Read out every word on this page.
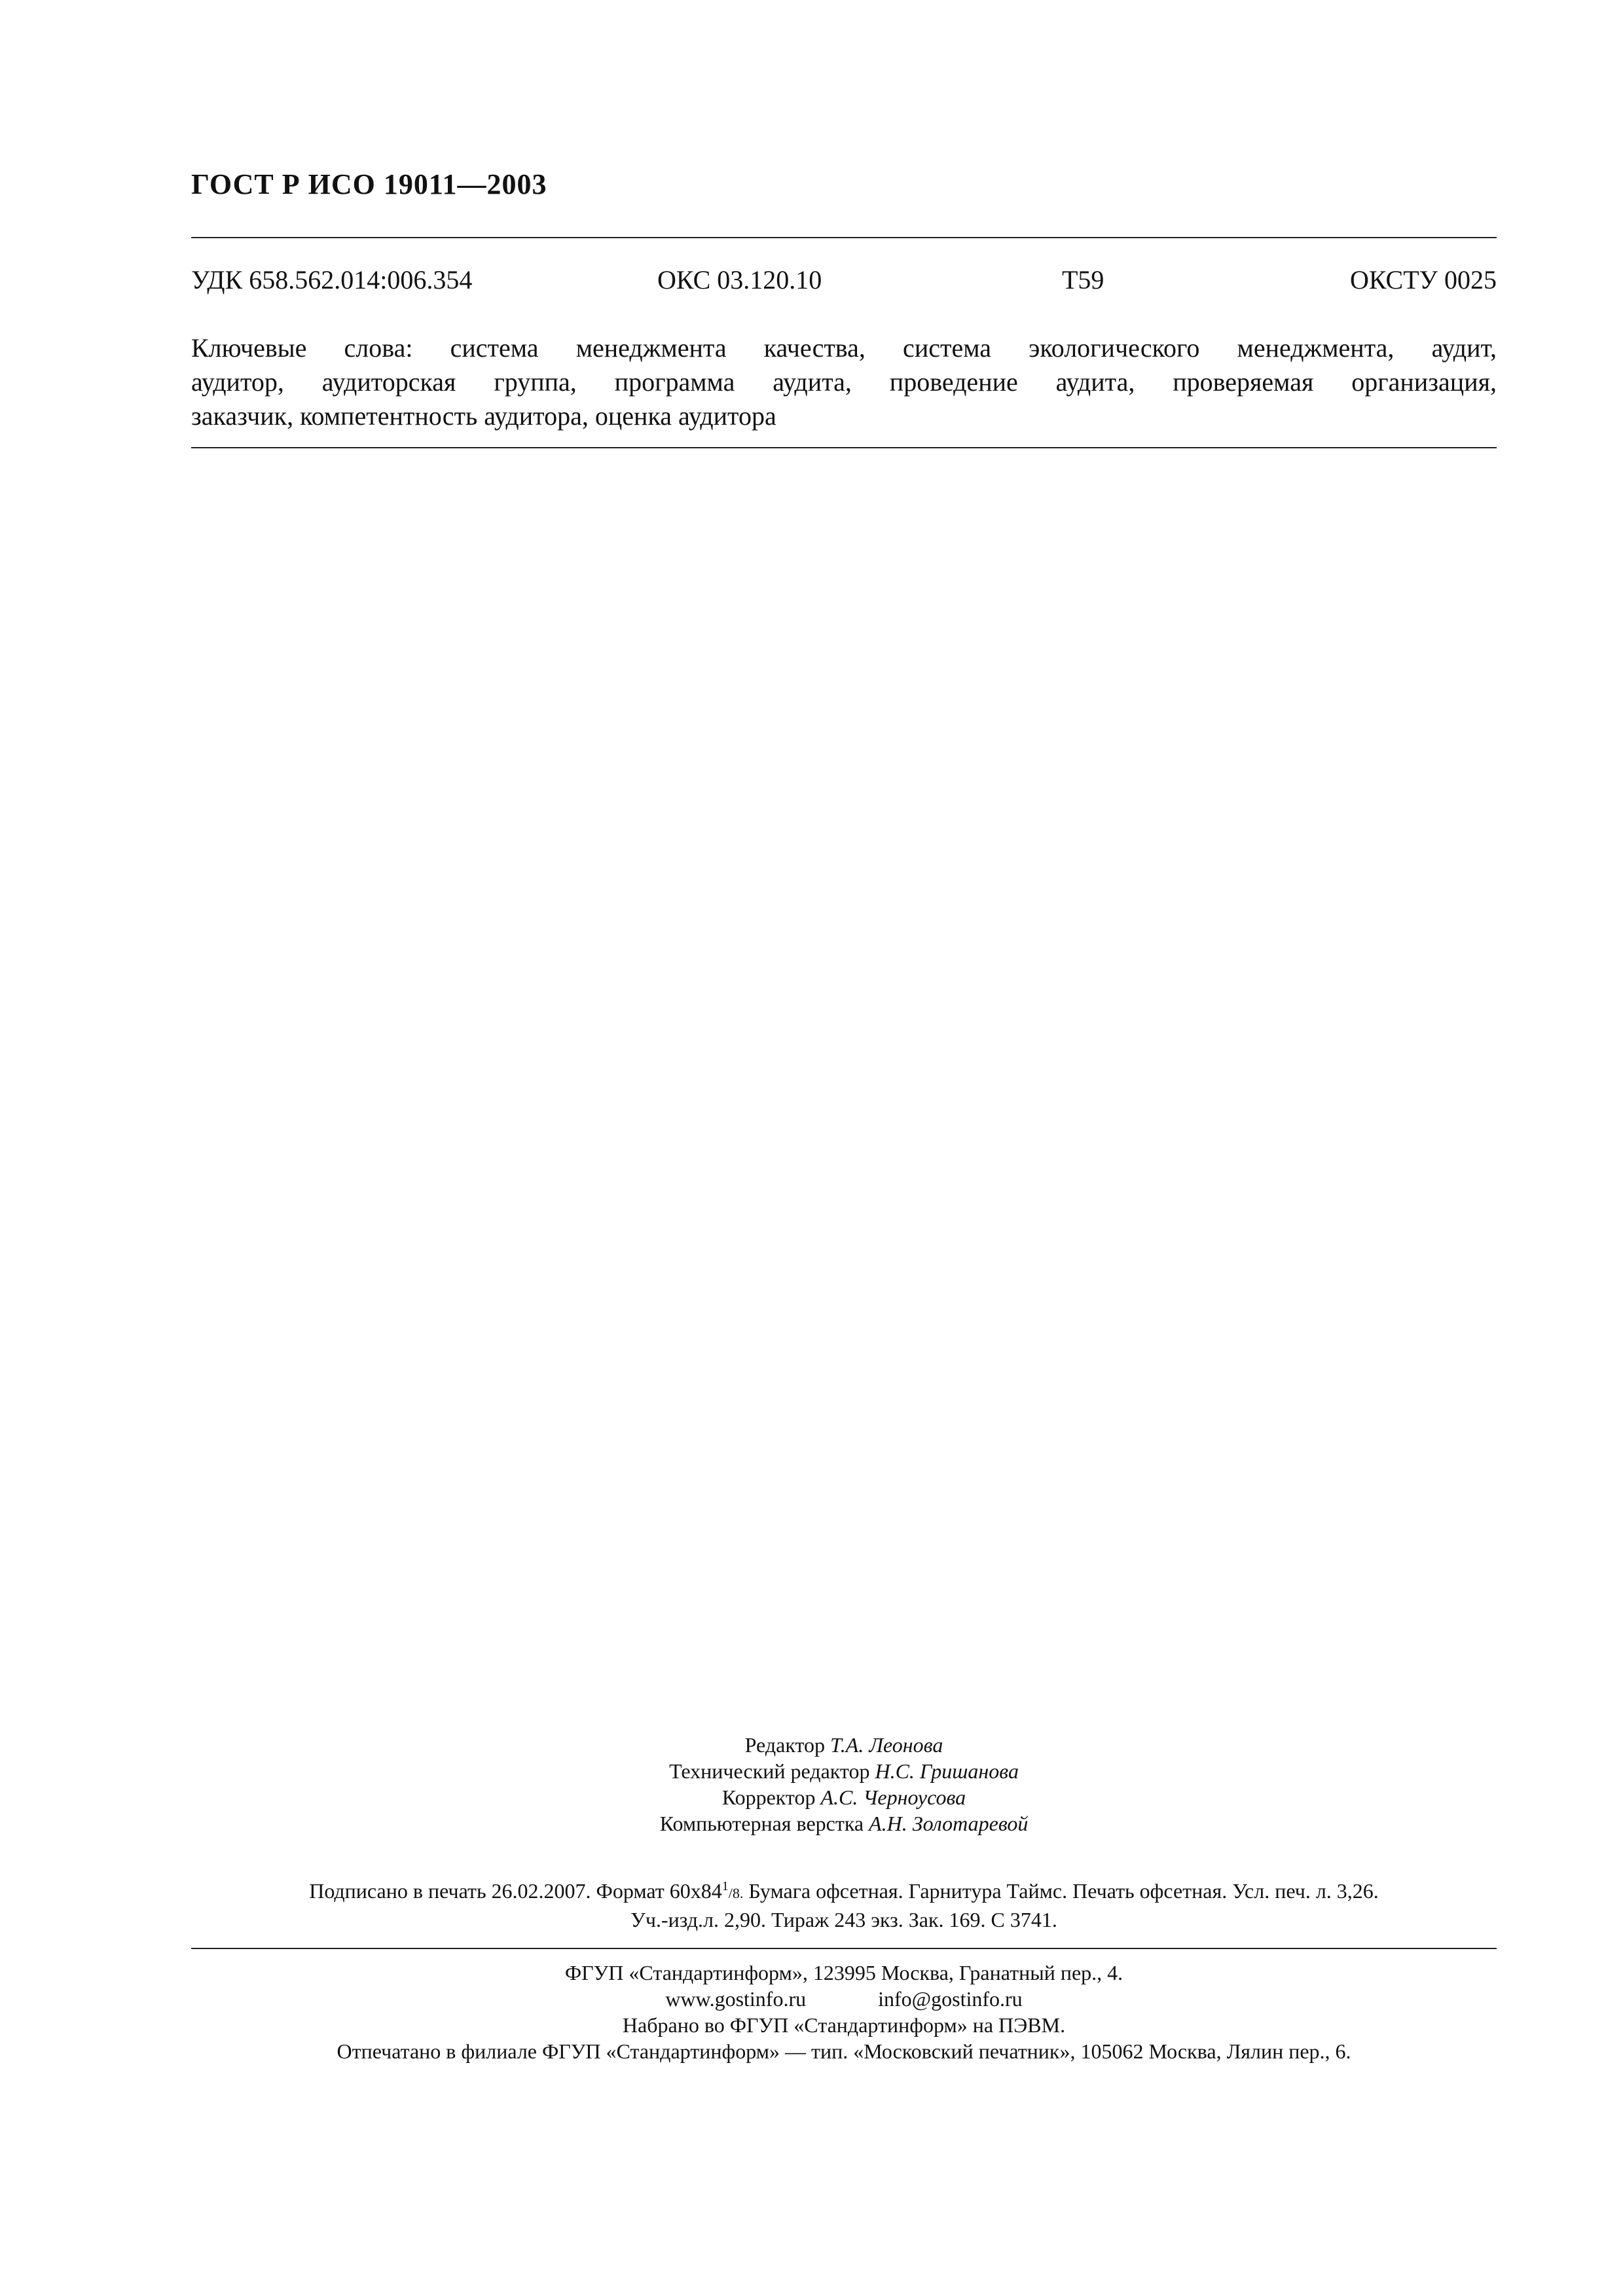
ГОСТ Р ИСО 19011—2003
УДК 658.562.014:006.354	ОКС 03.120.10	Т59	ОКСТУ 0025
Ключевые слова: система менеджмента качества, система экологического менеджмента, аудит,
аудитор, аудиторская группа, программа аудита, проведение аудита, проверяемая организация,
заказчик, компетентность аудитора, оценка аудитора
Редактор Т.А. Леонова
Технический редактор Н.С. Гришанова
Корректор А.С. Черноусова
Компьютерная верстка А.Н. Золотаревой
Подписано в печать 26.02.2007. Формат $60х84^1/8$. Бумага офсетная. Гарнитура Таймс. Печать офсетная. Усл. печ. л. 3,26.
Уч.-изд.л. 2,90. Тираж 243 экз. Зак. 169. С 3741.
ФГУП «Стандартинформ», 123995 Москва, Гранатный пер., 4.
www.gostinfo.ru	info@gostinfo.ru
Набрано во ФГУП «Стандартинформ» на ПЭВМ.
Отпечатано в филиале ФГУП «Стандартинформ» — тип. «Московский печатник», 105062 Москва, Лялин пер., 6.
